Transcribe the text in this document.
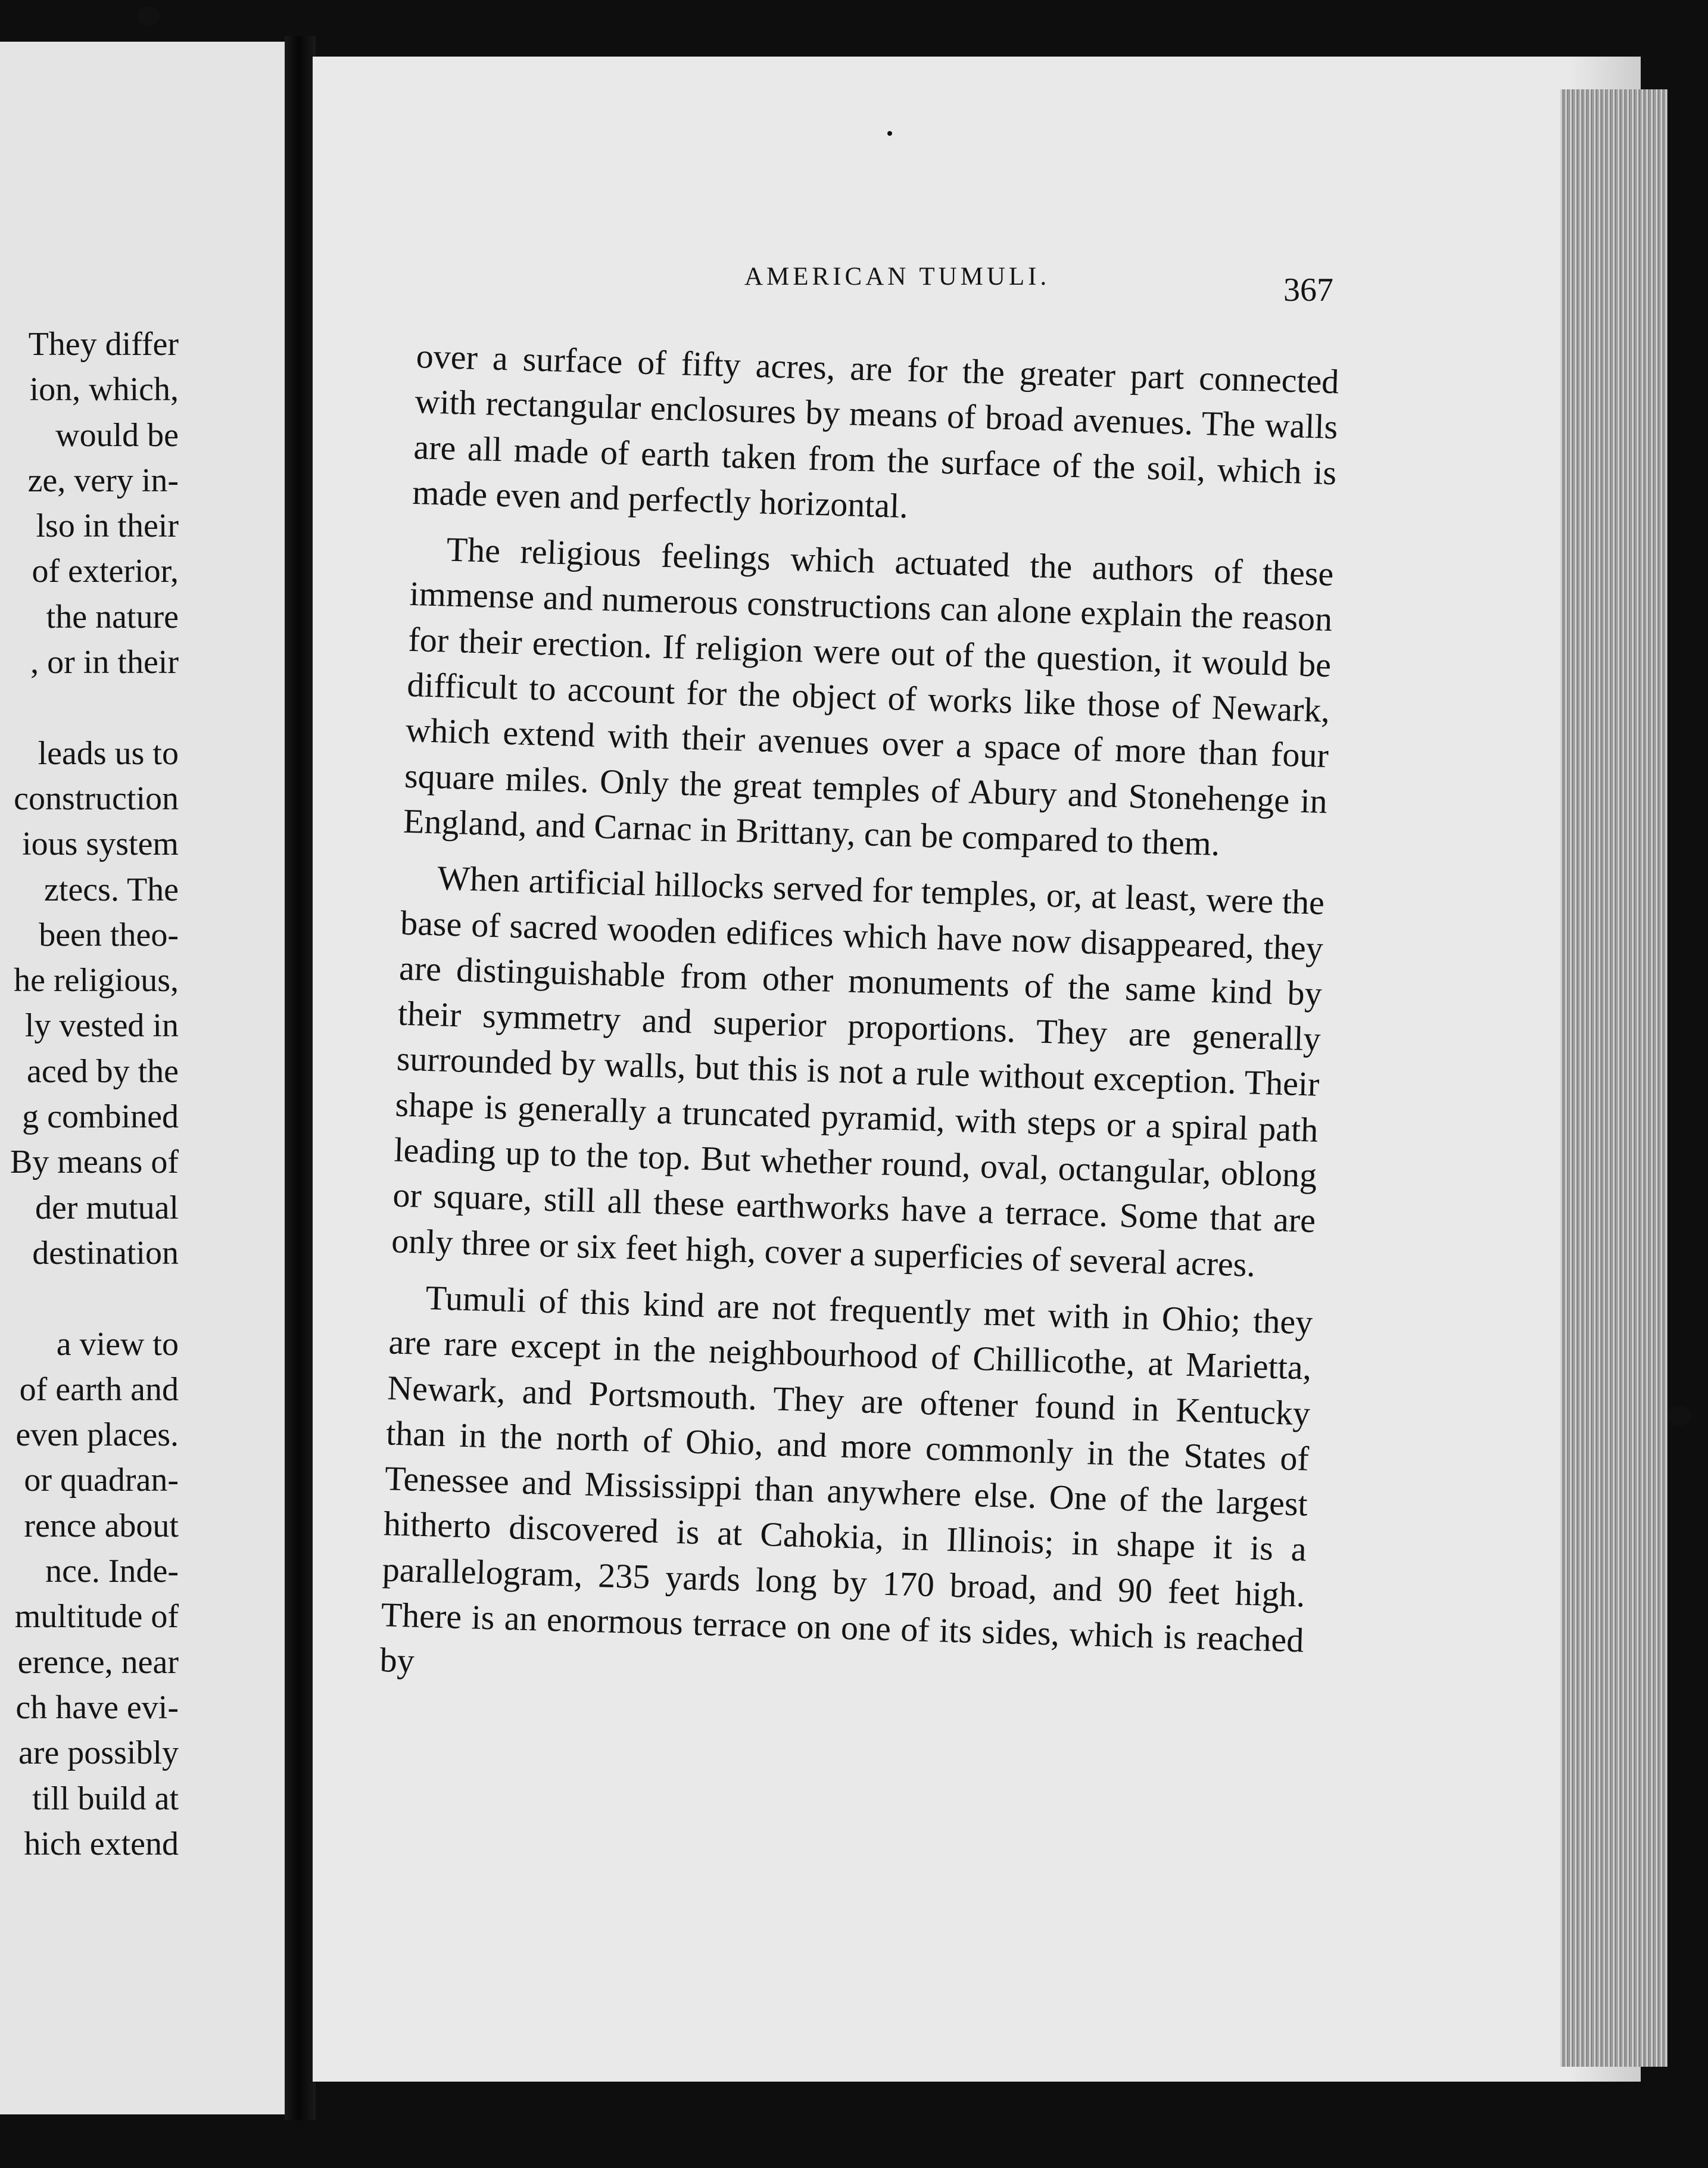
They differ
ion, which,
would be
ze, very in-
lso in their
of exterior,
the nature
, or in their
leads us to
construction
ious system
ztecs. The
been theo-
he religious,
ly vested in
aced by the
g combined
By means of
der mutual
destination
a view to
of earth and
even places.
or quadran-
rence about
nce. Inde-
multitude of
erence, near
ch have evi-
are possibly
till build at
hich extend
AMERICAN TUMULI.	367

over a surface of fifty acres, are for the greater part connected with rectangular enclosures by means of broad avenues. The walls are all made of earth taken from the surface of the soil, which is made even and perfectly horizontal.

The religious feelings which actuated the authors of these immense and numerous constructions can alone explain the reason for their erection. If religion were out of the question, it would be difficult to account for the object of works like those of Newark, which extend with their avenues over a space of more than four square miles. Only the great temples of Abury and Stonehenge in England, and Carnac in Brittany, can be compared to them.

When artificial hillocks served for temples, or, at least, were the base of sacred wooden edifices which have now disappeared, they are distinguishable from other monuments of the same kind by their symmetry and superior proportions. They are generally surrounded by walls, but this is not a rule without exception. Their shape is generally a truncated pyramid, with steps or a spiral path leading up to the top. But whether round, oval, octangular, oblong or square, still all these earthworks have a terrace. Some that are only three or six feet high, cover a superficies of several acres.

Tumuli of this kind are not frequently met with in Ohio; they are rare except in the neighbourhood of Chillicothe, at Marietta, Newark, and Portsmouth. They are oftener found in Kentucky than in the north of Ohio, and more commonly in the States of Tenessee and Mississippi than anywhere else. One of the largest hitherto discovered is at Cahokia, in Illinois; in shape it is a parallelogram, 235 yards long by 170 broad, and 90 feet high. There is an enormous terrace on one of its sides, which is reached by
